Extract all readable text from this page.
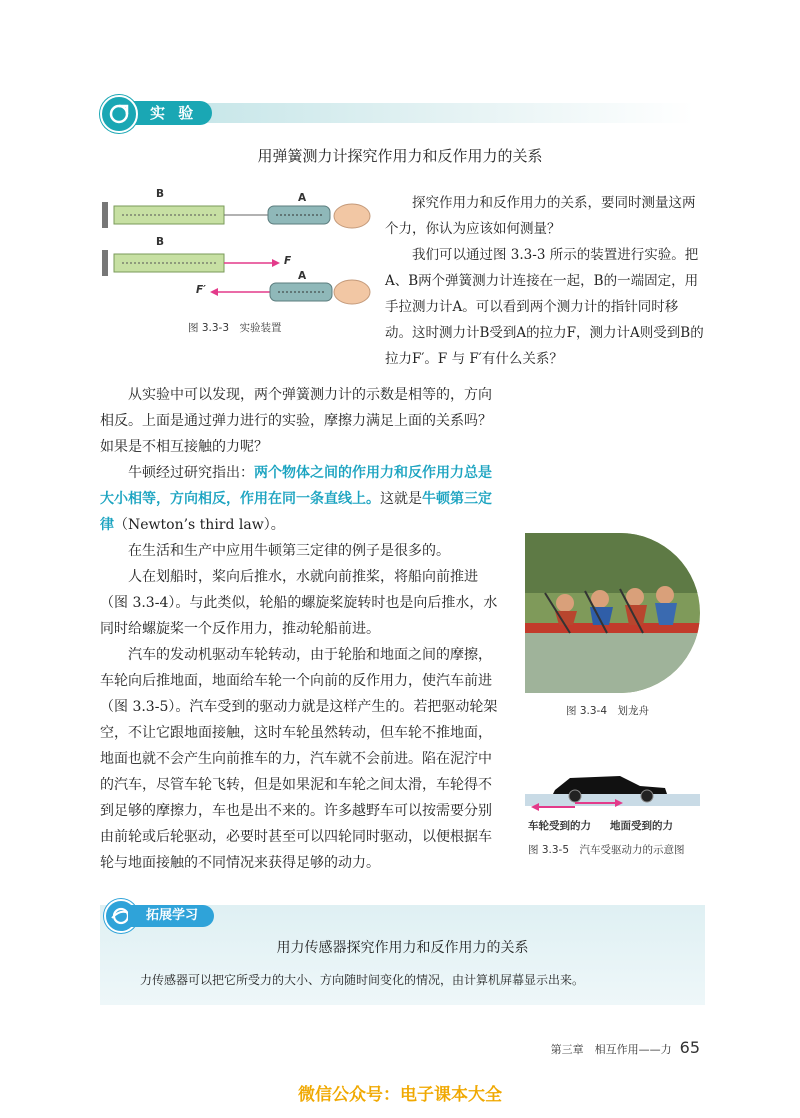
实 验
用弹簧测力计探究作用力和反作用力的关系
B	A
B
F
F′
A
图 3.3-3　实验装置

探究作用力和反作用力的关系，要同时测量这两个力，你认为应该如何测量？

我们可以通过图 3.3-3 所示的装置进行实验。把A、B两个弹簧测力计连接在一起，B的一端固定，用手拉测力计A。可以看到两个测力计的指针同时移动。这时测力计B受到A的拉力F，测力计A则受到B的拉力F′。F 与 F′有什么关系？

从实验中可以发现，两个弹簧测力计的示数是相等的，方向相反。上面是通过弹力进行的实验，摩擦力满足上面的关系吗？如果是不相互接触的力呢？

牛顿经过研究指出：两个物体之间的作用力和反作用力总是大小相等，方向相反，作用在同一条直线上。这就是牛顿第三定律（Newton’s third law）。

在生活和生产中应用牛顿第三定律的例子是很多的。

人在划船时，桨向后推水，水就向前推桨，将船向前推进（图 3.3-4）。与此类似，轮船的螺旋桨旋转时也是向后推水，水同时给螺旋桨一个反作用力，推动轮船前进。

汽车的发动机驱动车轮转动，由于轮胎和地面之间的摩擦，车轮向后推地面，地面给车轮一个向前的反作用力，使汽车前进（图 3.3-5）。汽车受到的驱动力就是这样产生的。若把驱动轮架空，不让它跟地面接触，这时车轮虽然转动，但车轮不推地面，地面也就不会产生向前推车的力，汽车就不会前进。陷在泥泞中的汽车，尽管车轮飞转，但是如果泥和车轮之间太滑，车轮得不到足够的摩擦力，车也是出不来的。许多越野车可以按需要分别由前轮或后轮驱动，必要时甚至可以四轮同时驱动，以便根据车轮与地面接触的不同情况来获得足够的动力。

图 3.3-4　划龙舟
车轮受到的力 地面受到的力
图 3.3-5　汽车受驱动力的示意图
拓展学习
用力传感器探究作用力和反作用力的关系
力传感器可以把它所受力的大小、方向随时间变化的情况，由计算机屏幕显示出来。
第三章　相互作用——力 65
微信公众号：电子课本大全
